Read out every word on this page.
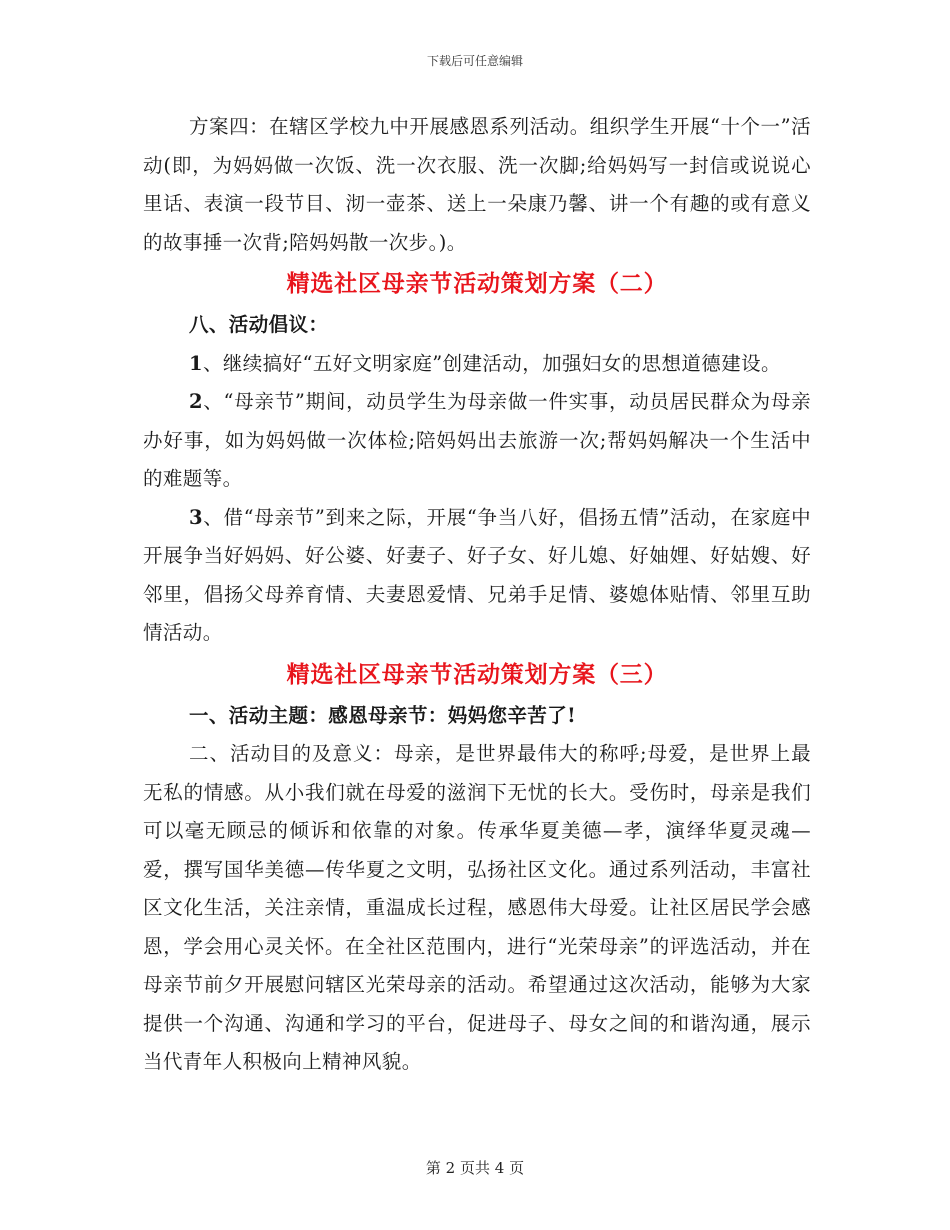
下载后可任意编辑

方案四：在辖区学校九中开展感恩系列活动。组织学生开展“十个一”活动(即，为妈妈做一次饭、洗一次衣服、洗一次脚;给妈妈写一封信或说说心里话、表演一段节目、沏一壶茶、送上一朵康乃馨、讲一个有趣的或有意义的故事捶一次背;陪妈妈散一次步。)。

精选社区母亲节活动策划方案（二）

八、活动倡议：

1、继续搞好“五好文明家庭”创建活动，加强妇女的思想道德建设。

2、“母亲节”期间，动员学生为母亲做一件实事，动员居民群众为母亲办好事，如为妈妈做一次体检;陪妈妈出去旅游一次;帮妈妈解决一个生活中的难题等。

3、借“母亲节”到来之际，开展“争当八好，倡扬五情”活动，在家庭中开展争当好妈妈、好公婆、好妻子、好子女、好儿媳、好妯娌、好姑嫂、好邻里，倡扬父母养育情、夫妻恩爱情、兄弟手足情、婆媳体贴情、邻里互助情活动。

精选社区母亲节活动策划方案（三）

一、活动主题：感恩母亲节：妈妈您辛苦了!

二、活动目的及意义：母亲，是世界最伟大的称呼;母爱，是世界上最无私的情感。从小我们就在母爱的滋润下无忧的长大。受伤时，母亲是我们可以毫无顾忌的倾诉和依靠的对象。传承华夏美德—孝，演绎华夏灵魂—爱，撰写国华美德—传华夏之文明，弘扬社区文化。通过系列活动，丰富社区文化生活，关注亲情，重温成长过程，感恩伟大母爱。让社区居民学会感恩，学会用心灵关怀。在全社区范围内，进行“光荣母亲”的评选活动，并在母亲节前夕开展慰问辖区光荣母亲的活动。希望通过这次活动，能够为大家提供一个沟通、沟通和学习的平台，促进母子、母女之间的和谐沟通，展示当代青年人积极向上精神风貌。

第 2 页共 4 页
